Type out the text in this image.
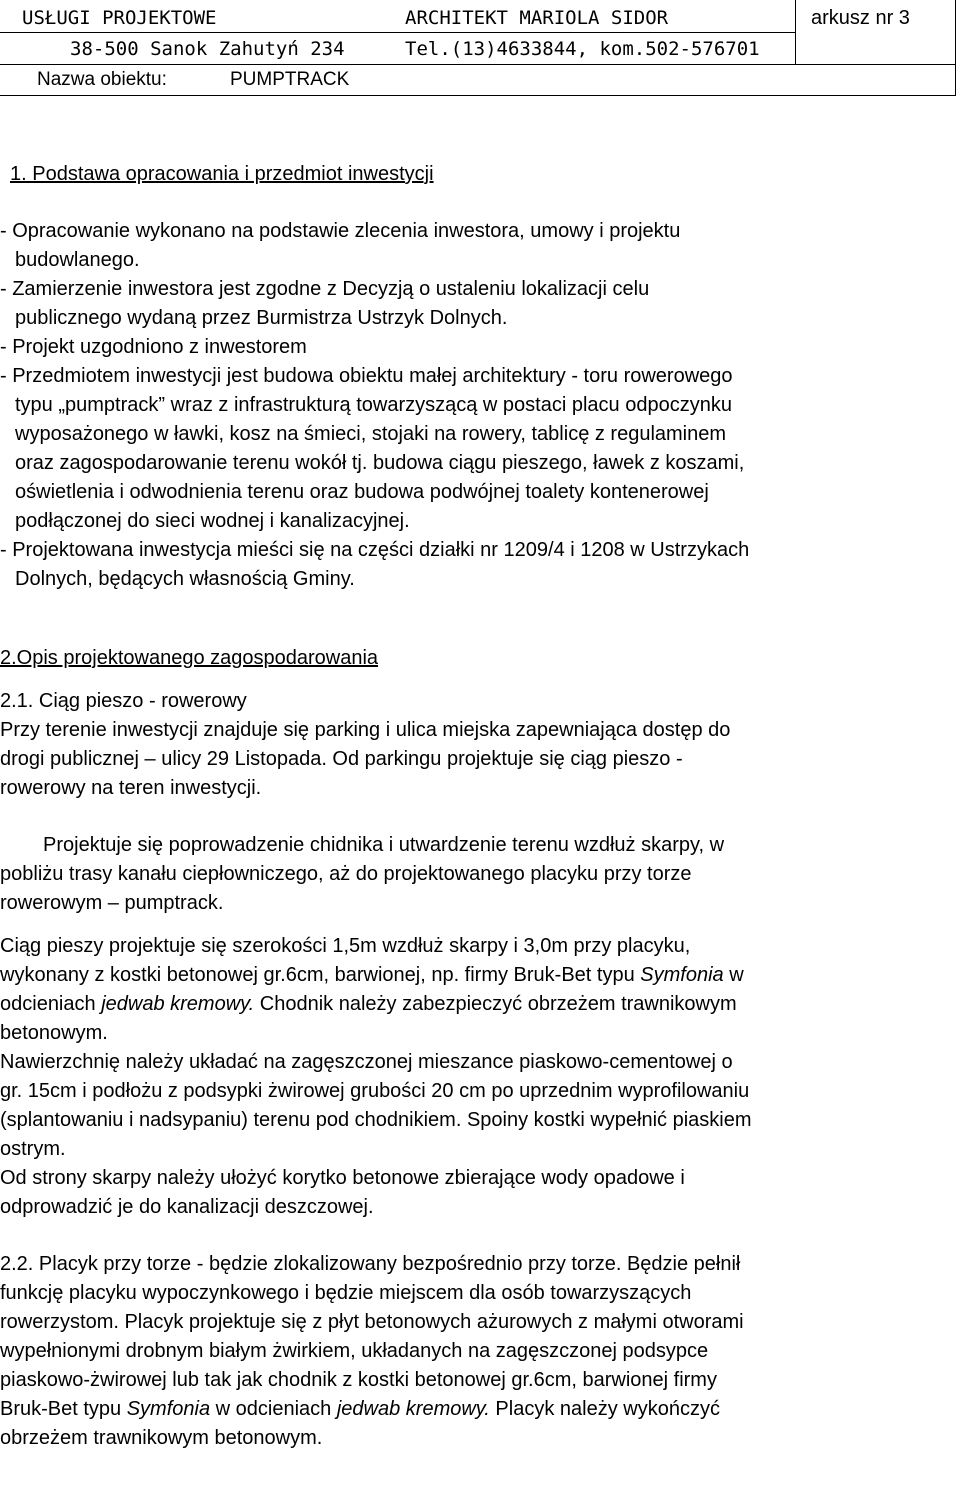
USŁUGI PROJEKTOWE	ARCHITEKT MARIOLA SIDOR	arkusz nr 3
38-500 Sanok Zahutyń 234	Tel.(13)4633844, kom.502-576701
Nazwa obiektu:	PUMPTRACK
1. Podstawa opracowania i przedmiot inwestycji
- Opracowanie wykonano na podstawie zlecenia inwestora, umowy i projektu
budowlanego.
- Zamierzenie inwestora jest zgodne z Decyzją o ustaleniu lokalizacji celu
publicznego wydaną przez Burmistrza Ustrzyk Dolnych.
- Projekt uzgodniono z inwestorem
- Przedmiotem inwestycji jest budowa obiektu małej architektury - toru rowerowego
typu „pumptrack” wraz z infrastrukturą towarzyszącą w postaci placu odpoczynku
wyposażonego w ławki, kosz na śmieci, stojaki na rowery, tablicę z regulaminem
oraz zagospodarowanie terenu wokół tj. budowa ciągu pieszego, ławek z koszami,
oświetlenia i odwodnienia terenu oraz budowa podwójnej toalety kontenerowej
podłączonej do sieci wodnej i kanalizacyjnej.
- Projektowana inwestycja mieści się na części działki nr 1209/4 i 1208 w Ustrzykach
Dolnych, będących własnością Gminy.
2.Opis projektowanego zagospodarowania
2.1. Ciąg pieszo - rowerowy
Przy terenie inwestycji znajduje się parking i ulica miejska zapewniająca dostęp do
drogi publicznej – ulicy 29 Listopada. Od parkingu projektuje się ciąg pieszo -
rowerowy na teren inwestycji.
Projektuje się poprowadzenie chidnika i utwardzenie terenu wzdłuż skarpy, w
pobliżu trasy kanału ciepłowniczego, aż do projektowanego placyku przy torze
rowerowym – pumptrack.
Ciąg pieszy projektuje się szerokości 1,5m wzdłuż skarpy i 3,0m przy placyku,
wykonany z kostki betonowej gr.6cm, barwionej, np. firmy Bruk-Bet typu Symfonia w
odcieniach jedwab kremowy. Chodnik należy zabezpieczyć obrzeżem trawnikowym
betonowym.
Nawierzchnię należy układać na zagęszczonej mieszance piaskowo-cementowej o
gr. 15cm i podłożu z podsypki żwirowej grubości 20 cm po uprzednim wyprofilowaniu
(splantowaniu i nadsypaniu) terenu pod chodnikiem. Spoiny kostki wypełnić piaskiem
ostrym.
Od strony skarpy należy ułożyć korytko betonowe zbierające wody opadowe i
odprowadzić je do kanalizacji deszczowej.
2.2. Placyk przy torze - będzie zlokalizowany bezpośrednio przy torze. Będzie pełnił
funkcję placyku wypoczynkowego i będzie miejscem dla osób towarzyszących
rowerzystom. Placyk projektuje się z płyt betonowych ażurowych z małymi otworami
wypełnionymi drobnym białym żwirkiem, układanych na zagęszczonej podsypce
piaskowo-żwirowej lub tak jak chodnik z kostki betonowej gr.6cm, barwionej firmy
Bruk-Bet typu Symfonia w odcieniach jedwab kremowy. Placyk należy wykończyć
obrzeżem trawnikowym betonowym.
